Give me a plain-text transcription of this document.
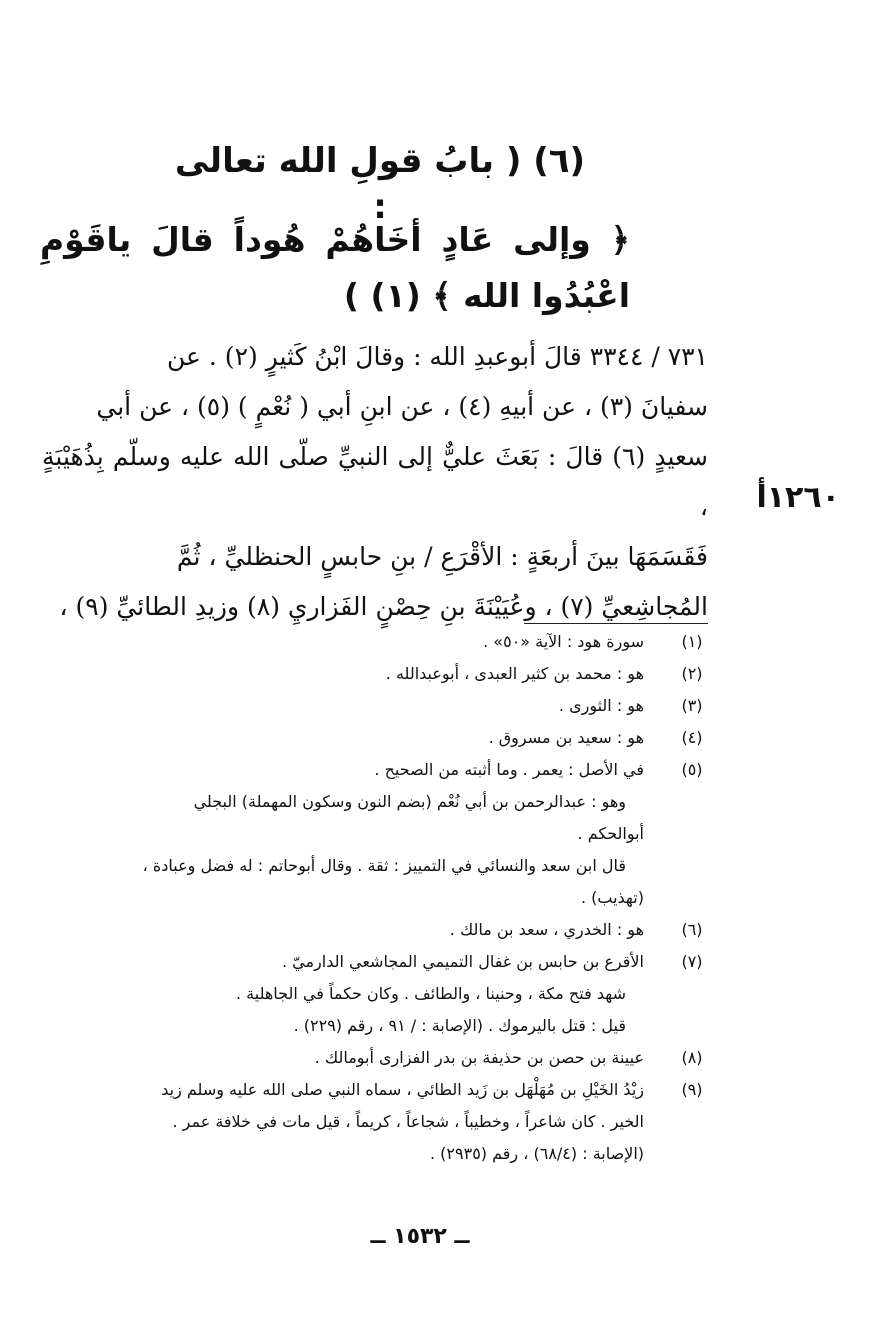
(٦) ( بابُ قولِ الله تعالى :
﴿ وإلى عَادٍ أخَاهُمْ هُوداً قالَ ياقَوْمِ اعْبُدُوا الله ﴾ (١) )

٧٣١ / ٣٣٤٤ قالَ أبوعبدِ الله : وقالَ ابْنُ كَثيرٍ (٢) . عن

سفيانَ (٣) ، عن أبيهِ (٤) ، عن ابنِ أبي ( نُعْمٍ ) (٥) ، عن أبي

سعيدٍ (٦) قالَ : بَعَثَ عليٌّ إلى النبيِّ صلّى الله عليه وسلّم بِذُهَيْبَةٍ ،

فَقَسَمَهَا بينَ أربعَةٍ : الأقْرَعِ / بنِ حابسٍ الحنظليِّ ، ثُمَّ

المُجاشِعيِّ (٧) ، وعُيَيْنَةَ بنِ حِصْنٍ الفَزاريِ (٨) وزيدِ الطائيِّ (٩) ،

١٢٦٠أ
(١)
سورة هود : الآية «٥٠» .
(٢)
هو : محمد بن كثير العبدى ، أبوعبدالله .
(٣)
هو : الثورى .
(٤)
هو : سعيد بن مسروق .
(٥)
في الأصل : يعمر . وما أثبته من الصحيح .
وهو : عبدالرحمن بن أبي نُعْم (بضم النون وسكون المهملة) البجلي
أبوالحكم .
قال ابن سعد والنسائي في التمييز : ثقة . وقال أبوحاتم : له فضل وعبادة ،
(تهذيب) .
(٦)
هو : الخدري ، سعد بن مالك .
(٧)
الأقرع بن حابس بن غفال التميمي المجاشعي الدارميّ .
شهد فتح مكة ، وحنينا ، والطائف . وكان حكماً في الجاهلية .
قيل : قتل باليرموك . (الإصابة : / ٩١ ، رقم (٢٢٩) .
(٨)
عيينة بن حصن بن حذيفة بن بدر الفزارى أبومالك .
(٩)
زيْدُ الخَيْلِ بن مُهَلْهَل بن زَيد الطائي ، سماه النبي صلى الله عليه وسلم زيد
الخير . كان شاعراً ، وخطيباً ، شجاعاً ، كريماً ، قيل مات في خلافة عمر .
(الإصابة : (٦٨/٤) ، رقم (٢٩٣٥) .
ــ ١٥٣٢ ــ
